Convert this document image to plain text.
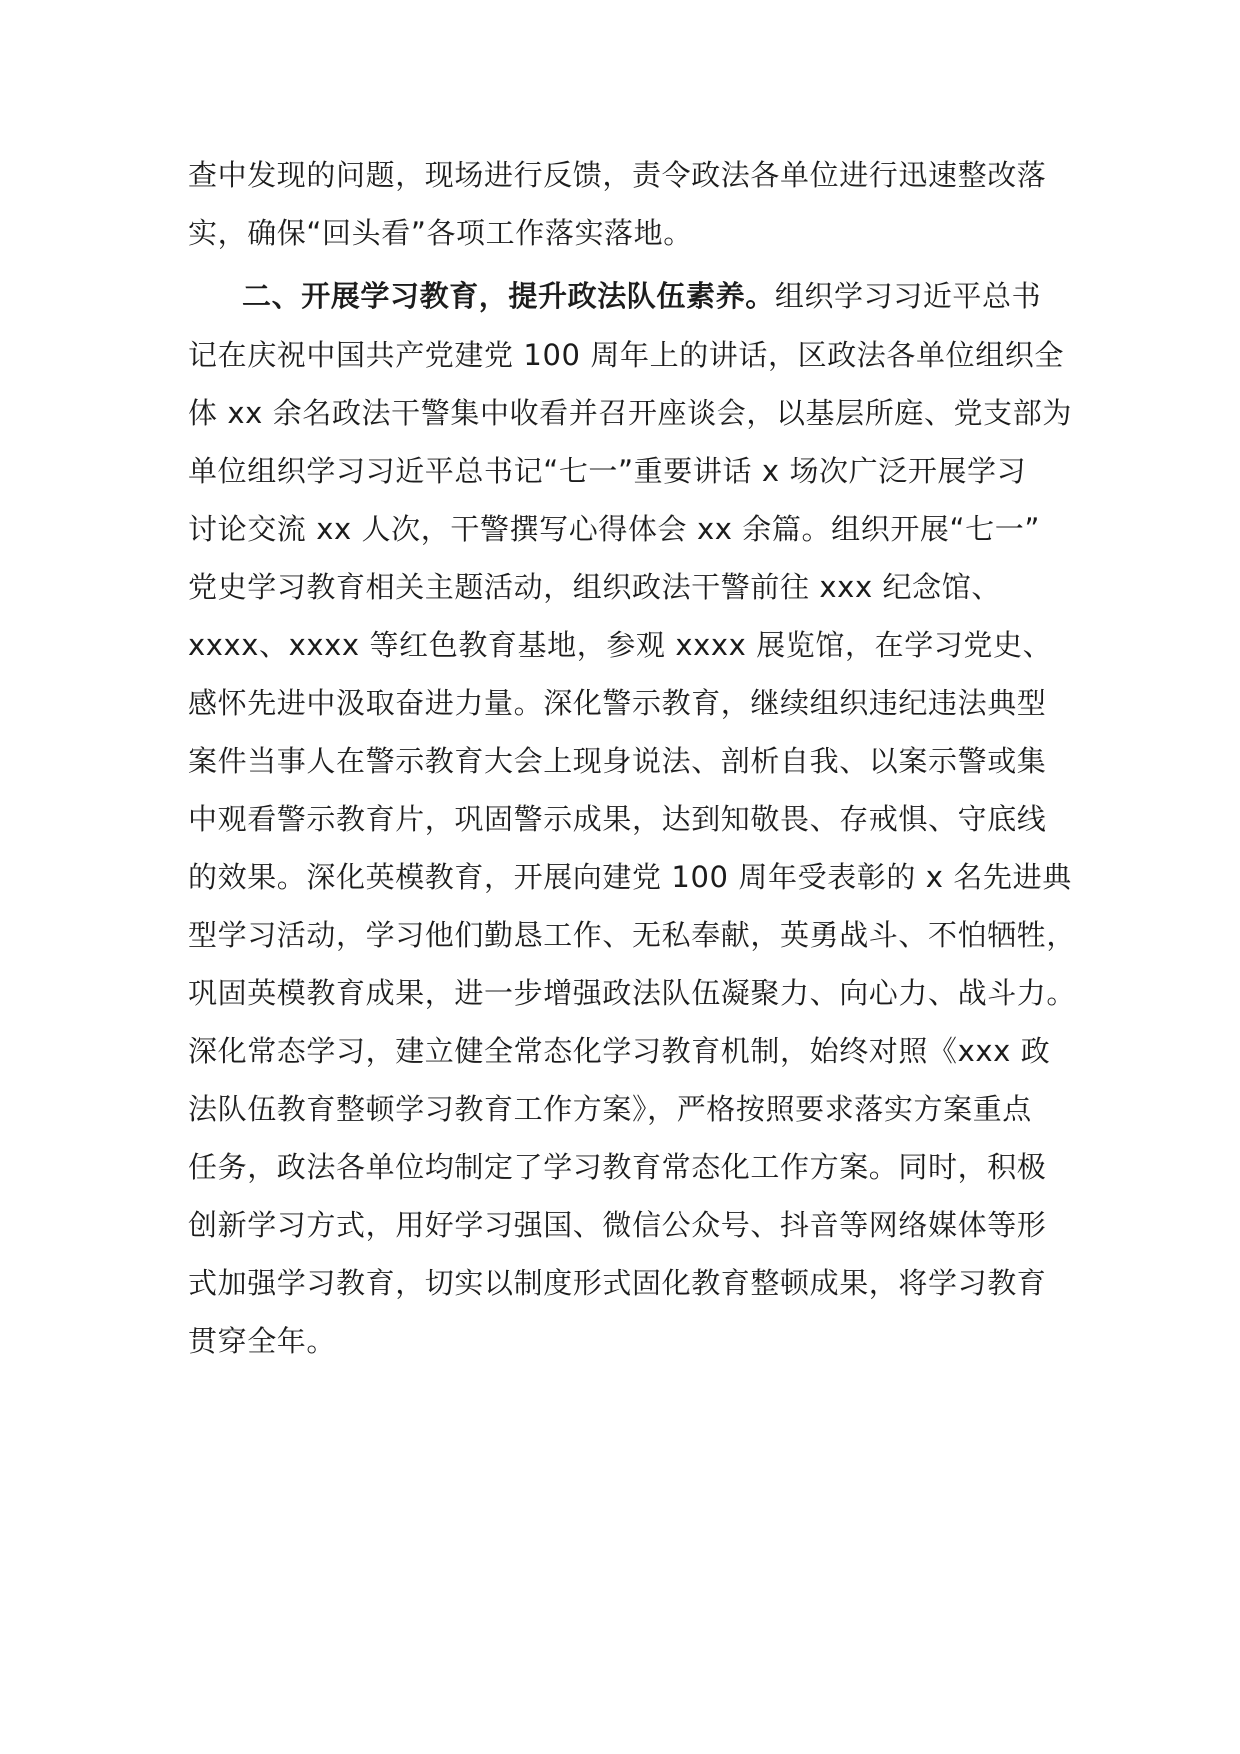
查中发现的问题，现场进行反馈，责令政法各单位进行迅速整改落
实，确保“回头看”各项工作落实落地。
二、开展学习教育，提升政法队伍素养。组织学习习近平总书
记在庆祝中国共产党建党 100 周年上的讲话，区政法各单位组织全
体 xx 余名政法干警集中收看并召开座谈会，以基层所庭、党支部为
单位组织学习习近平总书记“七一”重要讲话 x 场次广泛开展学习
讨论交流 xx 人次，干警撰写心得体会 xx 余篇。组织开展“七一”
党史学习教育相关主题活动，组织政法干警前往 xxx 纪念馆、
xxxx、xxxx 等红色教育基地，参观 xxxx 展览馆，在学习党史、
感怀先进中汲取奋进力量。深化警示教育，继续组织违纪违法典型
案件当事人在警示教育大会上现身说法、剖析自我、以案示警或集
中观看警示教育片，巩固警示成果，达到知敬畏、存戒惧、守底线
的效果。深化英模教育，开展向建党 100 周年受表彰的 x 名先进典
型学习活动，学习他们勤恳工作、无私奉献，英勇战斗、不怕牺牲，
巩固英模教育成果，进一步增强政法队伍凝聚力、向心力、战斗力。
深化常态学习，建立健全常态化学习教育机制，始终对照《xxx 政
法队伍教育整顿学习教育工作方案》，严格按照要求落实方案重点
任务，政法各单位均制定了学习教育常态化工作方案。同时，积极
创新学习方式，用好学习强国、微信公众号、抖音等网络媒体等形
式加强学习教育，切实以制度形式固化教育整顿成果，将学习教育
贯穿全年。
